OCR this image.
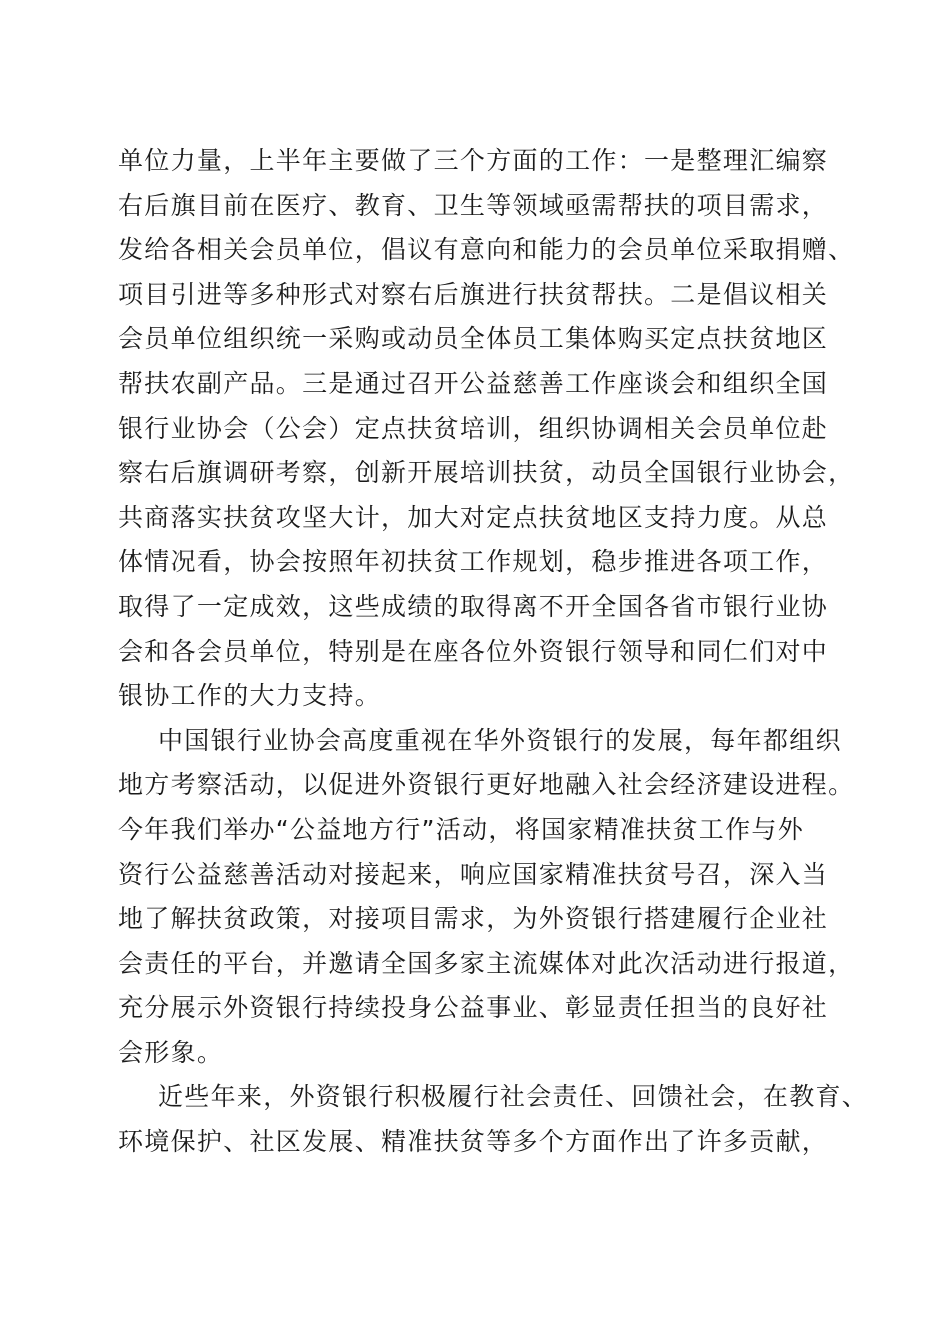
单位力量，上半年主要做了三个方面的工作：一是整理汇编察
右后旗目前在医疗、教育、卫生等领域亟需帮扶的项目需求，
发给各相关会员单位，倡议有意向和能力的会员单位采取捐赠、
项目引进等多种形式对察右后旗进行扶贫帮扶。二是倡议相关
会员单位组织统一采购或动员全体员工集体购买定点扶贫地区
帮扶农副产品。三是通过召开公益慈善工作座谈会和组织全国
银行业协会（公会）定点扶贫培训，组织协调相关会员单位赴
察右后旗调研考察，创新开展培训扶贫，动员全国银行业协会，
共商落实扶贫攻坚大计，加大对定点扶贫地区支持力度。从总
体情况看，协会按照年初扶贫工作规划，稳步推进各项工作，
取得了一定成效，这些成绩的取得离不开全国各省市银行业协
会和各会员单位，特别是在座各位外资银行领导和同仁们对中
银协工作的大力支持。
中国银行业协会高度重视在华外资银行的发展，每年都组织
地方考察活动，以促进外资银行更好地融入社会经济建设进程。
今年我们举办“公益地方行”活动，将国家精准扶贫工作与外
资行公益慈善活动对接起来，响应国家精准扶贫号召，深入当
地了解扶贫政策，对接项目需求，为外资银行搭建履行企业社
会责任的平台，并邀请全国多家主流媒体对此次活动进行报道，
充分展示外资银行持续投身公益事业、彰显责任担当的良好社
会形象。
近些年来，外资银行积极履行社会责任、回馈社会，在教育、
环境保护、社区发展、精准扶贫等多个方面作出了许多贡献，
